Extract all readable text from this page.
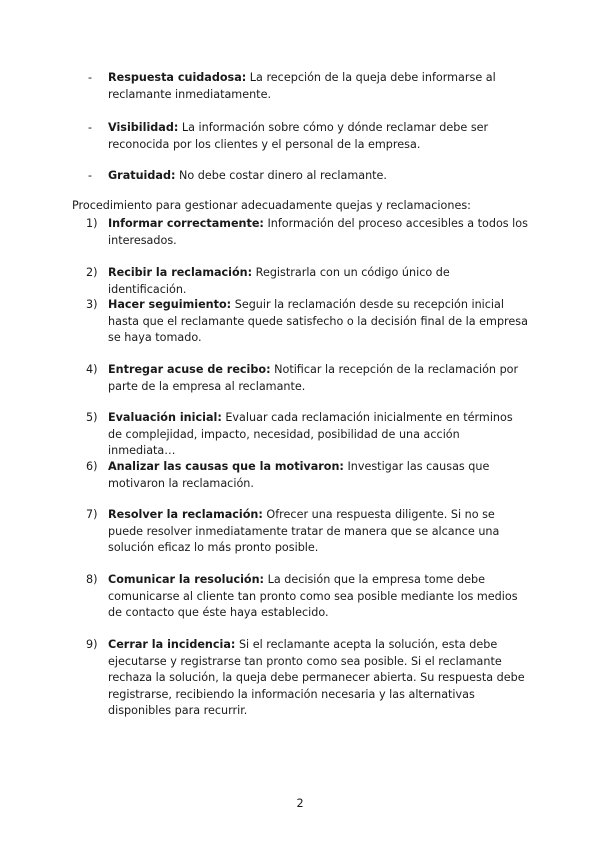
- Respuesta cuidadosa: La recepción de la queja debe informarse al reclamante inmediatamente.
- Visibilidad: La información sobre cómo y dónde reclamar debe ser reconocida por los clientes y el personal de la empresa.
- Gratuidad: No debe costar dinero al reclamante.
Procedimiento para gestionar adecuadamente quejas y reclamaciones:
1) Informar correctamente: Información del proceso accesibles a todos los interesados.
2) Recibir la reclamación: Registrarla con un código único de identificación.
3) Hacer seguimiento: Seguir la reclamación desde su recepción inicial hasta que el reclamante quede satisfecho o la decisión final de la empresa se haya tomado.
4) Entregar acuse de recibo: Notificar la recepción de la reclamación por parte de la empresa al reclamante.
5) Evaluación inicial: Evaluar cada reclamación inicialmente en términos de complejidad, impacto, necesidad, posibilidad de una acción inmediata…
6) Analizar las causas que la motivaron: Investigar las causas que motivaron la reclamación.
7) Resolver la reclamación: Ofrecer una respuesta diligente. Si no se puede resolver inmediatamente tratar de manera que se alcance una solución eficaz lo más pronto posible.
8) Comunicar la resolución: La decisión que la empresa tome debe comunicarse al cliente tan pronto como sea posible mediante los medios de contacto que éste haya establecido.
9) Cerrar la incidencia: Si el reclamante acepta la solución, esta debe ejecutarse y registrarse tan pronto como sea posible. Si el reclamante rechaza la solución, la queja debe permanecer abierta. Su respuesta debe registrarse, recibiendo la información necesaria y las alternativas disponibles para recurrir.
2
